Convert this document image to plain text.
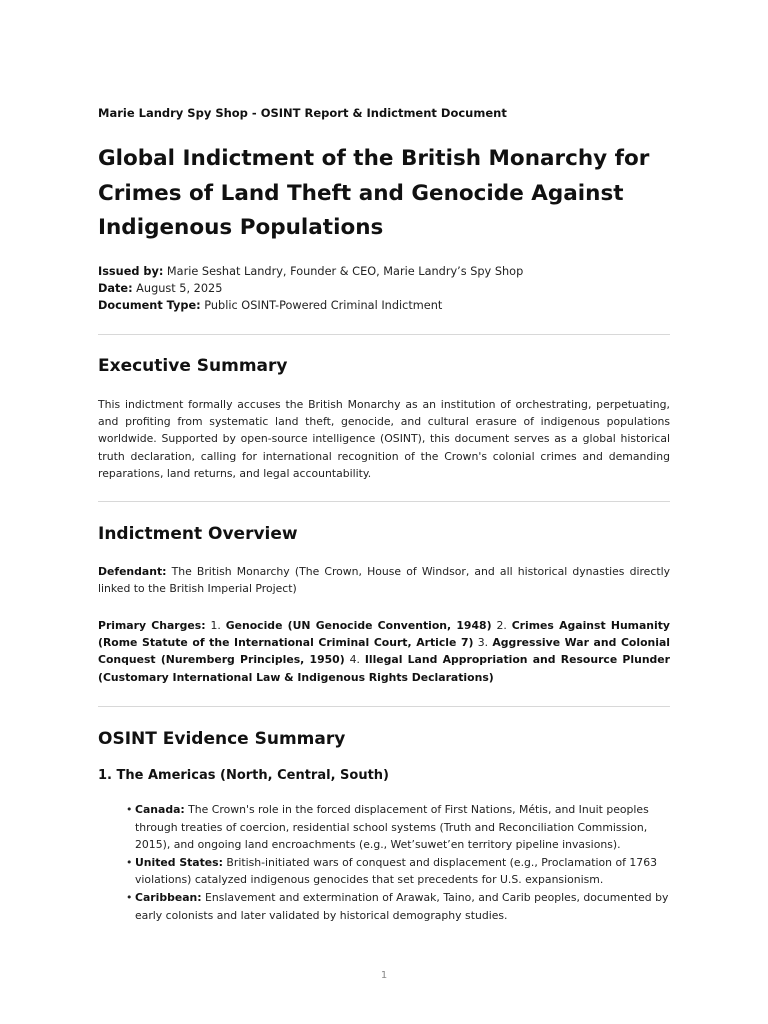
Marie Landry Spy Shop - OSINT Report & Indictment Document
Global Indictment of the British Monarchy for Crimes of Land Theft and Genocide Against Indigenous Populations
Issued by: Marie Seshat Landry, Founder & CEO, Marie Landry’s Spy Shop
Date: August 5, 2025
Document Type: Public OSINT-Powered Criminal Indictment
Executive Summary

This indictment formally accuses the British Monarchy as an institution of orchestrating, perpetuating, and profiting from systematic land theft, genocide, and cultural erasure of indigenous populations worldwide. Supported by open-source intelligence (OSINT), this document serves as a global historical truth declaration, calling for international recognition of the Crown's colonial crimes and demanding reparations, land returns, and legal accountability.

Indictment Overview

Defendant: The British Monarchy (The Crown, House of Windsor, and all historical dynasties directly linked to the British Imperial Project)

Primary Charges: 1. Genocide (UN Genocide Convention, 1948) 2. Crimes Against Humanity (Rome Statute of the International Criminal Court, Article 7) 3. Aggressive War and Colonial Conquest (Nuremberg Principles, 1950) 4. Illegal Land Appropriation and Resource Plunder (Customary International Law & Indigenous Rights Declarations)

OSINT Evidence Summary
1. The Americas (North, Central, South)
• Canada: The Crown's role in the forced displacement of First Nations, Métis, and Inuit peoples through treaties of coercion, residential school systems (Truth and Reconciliation Commission, 2015), and ongoing land encroachments (e.g., Wet’suwet’en territory pipeline invasions).
• United States: British-initiated wars of conquest and displacement (e.g., Proclamation of 1763 violations) catalyzed indigenous genocides that set precedents for U.S. expansionism.
• Caribbean: Enslavement and extermination of Arawak, Taino, and Carib peoples, documented by early colonists and later validated by historical demography studies.
1
